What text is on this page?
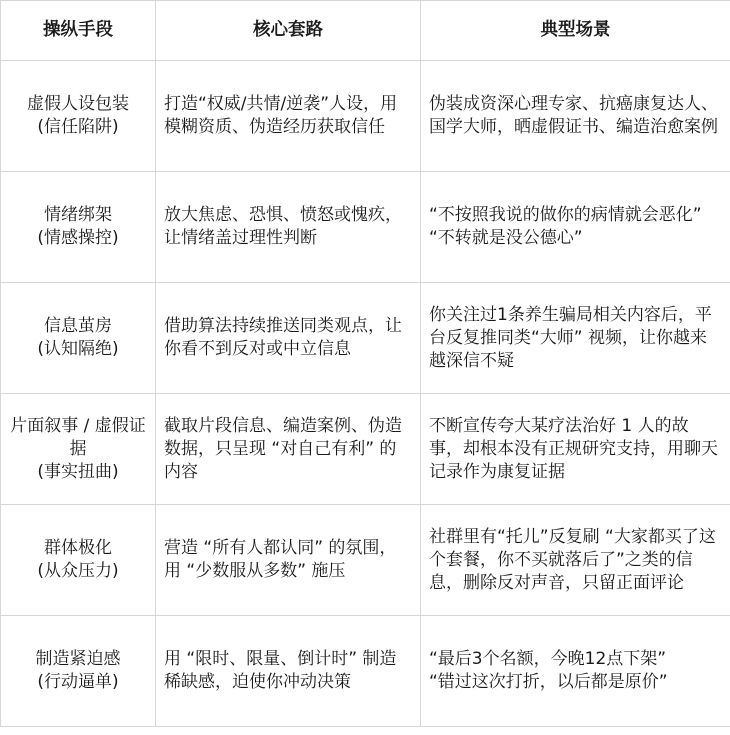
操纵手段	核心套路	典型场景

虚假人设包装
(信任陷阱)	打造“权威/共情/逆袭”人设，用模糊资质、伪造经历获取信任	伪装成资深心理专家、抗癌康复达人、国学大师，晒虚假证书、编造治愈案例

情绪绑架
(情感操控)	放大焦虑、恐惧、愤怒或愧疚，让情绪盖过理性判断	“不按照我说的做你的病情就会恶化”
“不转就是没公德心”

信息茧房
(认知隔绝)	借助算法持续推送同类观点，让你看不到反对或中立信息	你关注过1条养生骗局相关内容后，平台反复推同类“大师” 视频，让你越来越深信不疑

片面叙事 / 虚假证据
(事实扭曲)	截取片段信息、编造案例、伪造数据，只呈现 “对自己有利” 的内容	不断宣传夸大某疗法治好 1 人的故事，却根本没有正规研究支持，用聊天记录作为康复证据

群体极化
(从众压力)	营造 “所有人都认同” 的氛围，用 “少数服从多数” 施压	社群里有“托儿”反复刷 “大家都买了这个套餐，你不买就落后了”之类的信息，删除反对声音，只留正面评论

制造紧迫感
(行动逼单)	用 “限时、限量、倒计时” 制造稀缺感，迫使你冲动决策	“最后3个名额，今晚12点下架”
“错过这次打折，以后都是原价”
